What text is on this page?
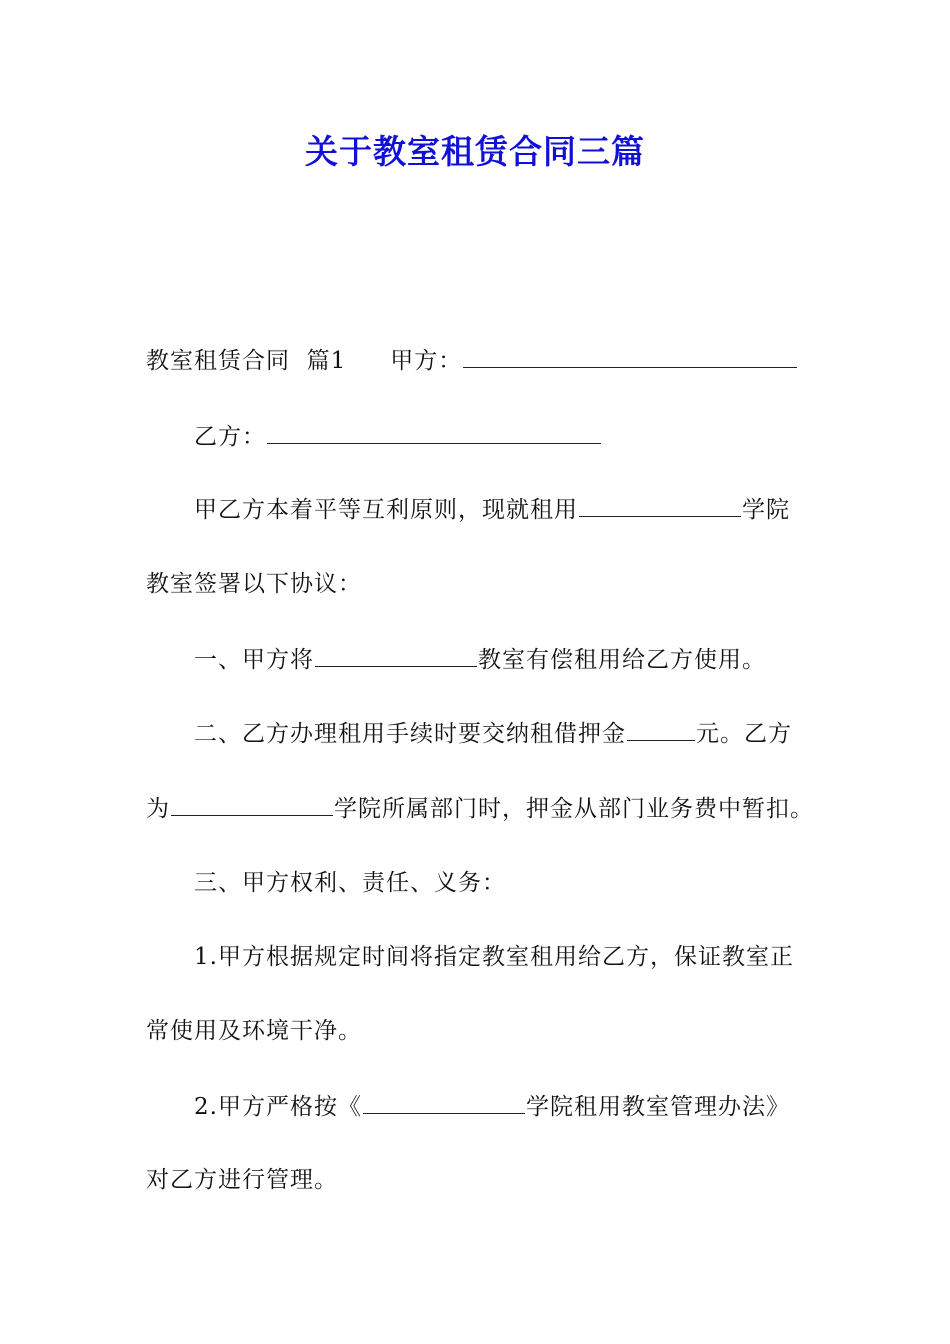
关于教室租赁合同三篇
教室租赁合同  篇1 甲方：
乙方：
甲乙方本着平等互利原则，现就租用	学院
教室签署以下协议：
一、甲方将	教室有偿租用给乙方使用。
二、乙方办理租用手续时要交纳租借押金	元。乙方
为	学院所属部门时，押金从部门业务费中暂扣。
三、甲方权利、责任、义务：
1.甲方根据规定时间将指定教室租用给乙方，保证教室正
常使用及环境干净。
2.甲方严格按《	学院租用教室管理办法》
对乙方进行管理。
